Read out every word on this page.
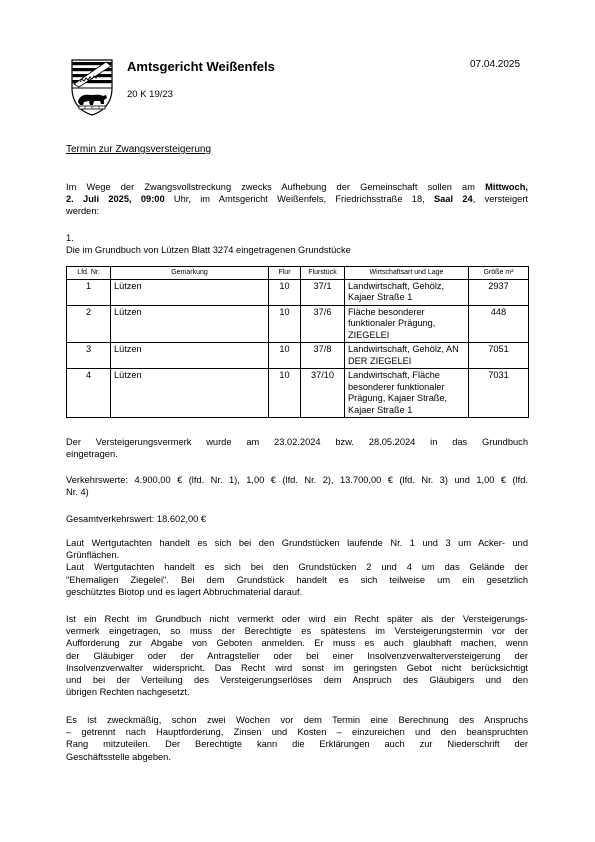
Amtsgericht Weißenfels	07.04.2025
20 K 19/23
Termin zur Zwangsversteigerung
Im Wege der Zwangsvollstreckung zwecks Aufhebung der Gemeinschaft sollen am Mittwoch,
2. Juli 2025, 09:00 Uhr, im Amtsgericht Weißenfels, Friedrichsstraße 18, Saal 24, versteigert
werden:
1.
Die im Grundbuch von Lützen Blatt 3274 eingetragenen Grundstücke
Lfd. Nr.	Gemarkung	Flur	Flurstück	Wirtschaftsart und Lage	Größe m²
1	Lützen	10	37/1	Landwirtschaft, Gehölz,
Kajaer Straße 1	2937
2	Lützen	10	37/6	Fläche besonderer
funktionaler Prägung,
ZIEGELEI	448
3	Lützen	10	37/8	Landwirtschaft, Gehölz, AN
DER ZIEGELEI	7051
4	Lützen	10	37/10	Landwirtschaft, Fläche
besonderer funktionaler
Prägung, Kajaer Straße,
Kajaer Straße 1	7031
Der Versteigerungsvermerk wurde am 23.02.2024 bzw. 28.05.2024 in das Grundbuch
eingetragen.
Verkehrswerte: 4.900,00 € (lfd. Nr. 1), 1,00 € (lfd. Nr. 2), 13.700,00 € (lfd. Nr. 3) und 1,00 € (lfd.
Nr. 4)
Gesamtverkehrswert: 18.602,00 €
Laut Wertgutachten handelt es sich bei den Grundstücken laufende Nr. 1 und 3 um Acker- und
Grünflächen.
Laut Wertgutachten handelt es sich bei den Grundstücken 2 und 4 um das Gelände der
"Ehemaligen Ziegelei". Bei dem Grundstück handelt es sich teilweise um ein gesetzlich
geschütztes Biotop und es lagert Abbruchmaterial darauf.
Ist ein Recht im Grundbuch nicht vermerkt oder wird ein Recht später als der Versteigerungs-
vermerk eingetragen, so muss der Berechtigte es spätestens im Versteigerungstermin vor der
Aufforderung zur Abgabe von Geboten anmelden. Er muss es auch glaubhaft machen, wenn
der Gläubiger oder der Antragsteller oder bei einer Insolvenzverwalterversteigerung der
Insolvenzverwalter widerspricht. Das Recht wird sonst im geringsten Gebot nicht berücksichtigt
und bei der Verteilung des Versteigerungserlöses dem Anspruch des Gläubigers und den
übrigen Rechten nachgesetzt.
Es ist zweckmäßig, schon zwei Wochen vor dem Termin eine Berechnung des Anspruchs
– getrennt nach Hauptforderung, Zinsen und Kosten – einzureichen und den beanspruchten
Rang mitzuteilen. Der Berechtigte kann die Erklärungen auch zur Niederschrift der
Geschäftsstelle abgeben.
